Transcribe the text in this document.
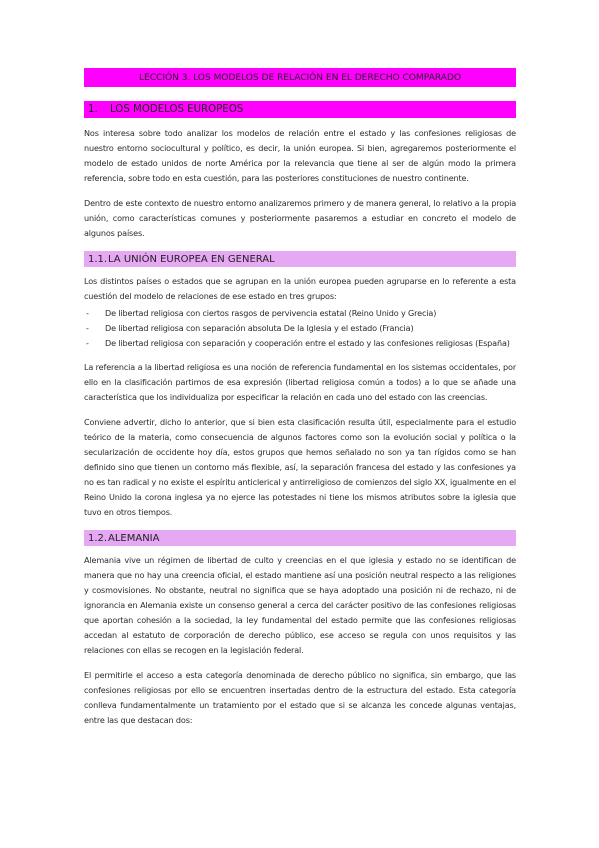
LECCIÓN 3. LOS MODELOS DE RELACIÓN EN EL DERECHO COMPARADO
1.	LOS MODELOS EUROPEOS

Nos interesa sobre todo analizar los modelos de relación entre el estado y las confesiones religiosas de nuestro entorno sociocultural y político, es decir, la unión europea. Si bien, agregaremos posteriormente el modelo de estado unidos de norte América por la relevancia que tiene al ser de algún modo la primera referencia, sobre todo en esta cuestión, para las posteriores constituciones de nuestro continente.

Dentro de este contexto de nuestro entorno analizaremos primero y de manera general, lo relativo a la propia unión, como características comunes y posteriormente pasaremos a estudiar en concreto el modelo de algunos países.

1.1. LA UNIÓN EUROPEA EN GENERAL

Los distintos países o estados que se agrupan en la unión europea pueden agruparse en lo referente a esta cuestión del modelo de relaciones de ese estado en tres grupos:

- De libertad religiosa con ciertos rasgos de pervivencia estatal (Reino Unido y Grecia)
- De libertad religiosa con separación absoluta De la Iglesia y el estado (Francia)
- De libertad religiosa con separación y cooperación entre el estado y las confesiones religiosas (España)

La referencia a la libertad religiosa es una noción de referencia fundamental en los sistemas occidentales, por ello en la clasificación partimos de esa expresión (libertad religiosa común a todos) a lo que se añade una característica que los individualiza por especificar la relación en cada uno del estado con las creencias.

Conviene advertir, dicho lo anterior, que si bien esta clasificación resulta útil, especialmente para el estudio teórico de la materia, como consecuencia de algunos factores como son la evolución social y política o la secularización de occidente hoy día, estos grupos que hemos señalado no son ya tan rígidos como se han definido sino que tienen un contorno más flexible, así, la separación francesa del estado y las confesiones ya no es tan radical y no existe el espíritu anticlerical y antirreligioso de comienzos del siglo XX, igualmente en el Reino Unido la corona inglesa ya no ejerce las potestades ni tiene los mismos atributos sobre la iglesia que tuvo en otros tiempos.

1.2. ALEMANIA

Alemania vive un régimen de libertad de culto y creencias en el que iglesia y estado no se identifican de manera que no hay una creencia oficial, el estado mantiene así una posición neutral respecto a las religiones y cosmovisiones. No obstante, neutral no significa que se haya adoptado una posición ni de rechazo, ni de ignorancia en Alemania existe un consenso general a cerca del carácter positivo de las confesiones religiosas que aportan cohesión a la sociedad, la ley fundamental del estado permite que las confesiones religiosas accedan al estatuto de corporación de derecho público, ese acceso se regula con unos requisitos y las relaciones con ellas se recogen en la legislación federal.

El permitirle el acceso a esta categoría denominada de derecho público no significa, sin embargo, que las confesiones religiosas por ello se encuentren insertadas dentro de la estructura del estado. Esta categoría conlleva fundamentalmente un tratamiento por el estado que si se alcanza les concede algunas ventajas, entre las que destacan dos:
